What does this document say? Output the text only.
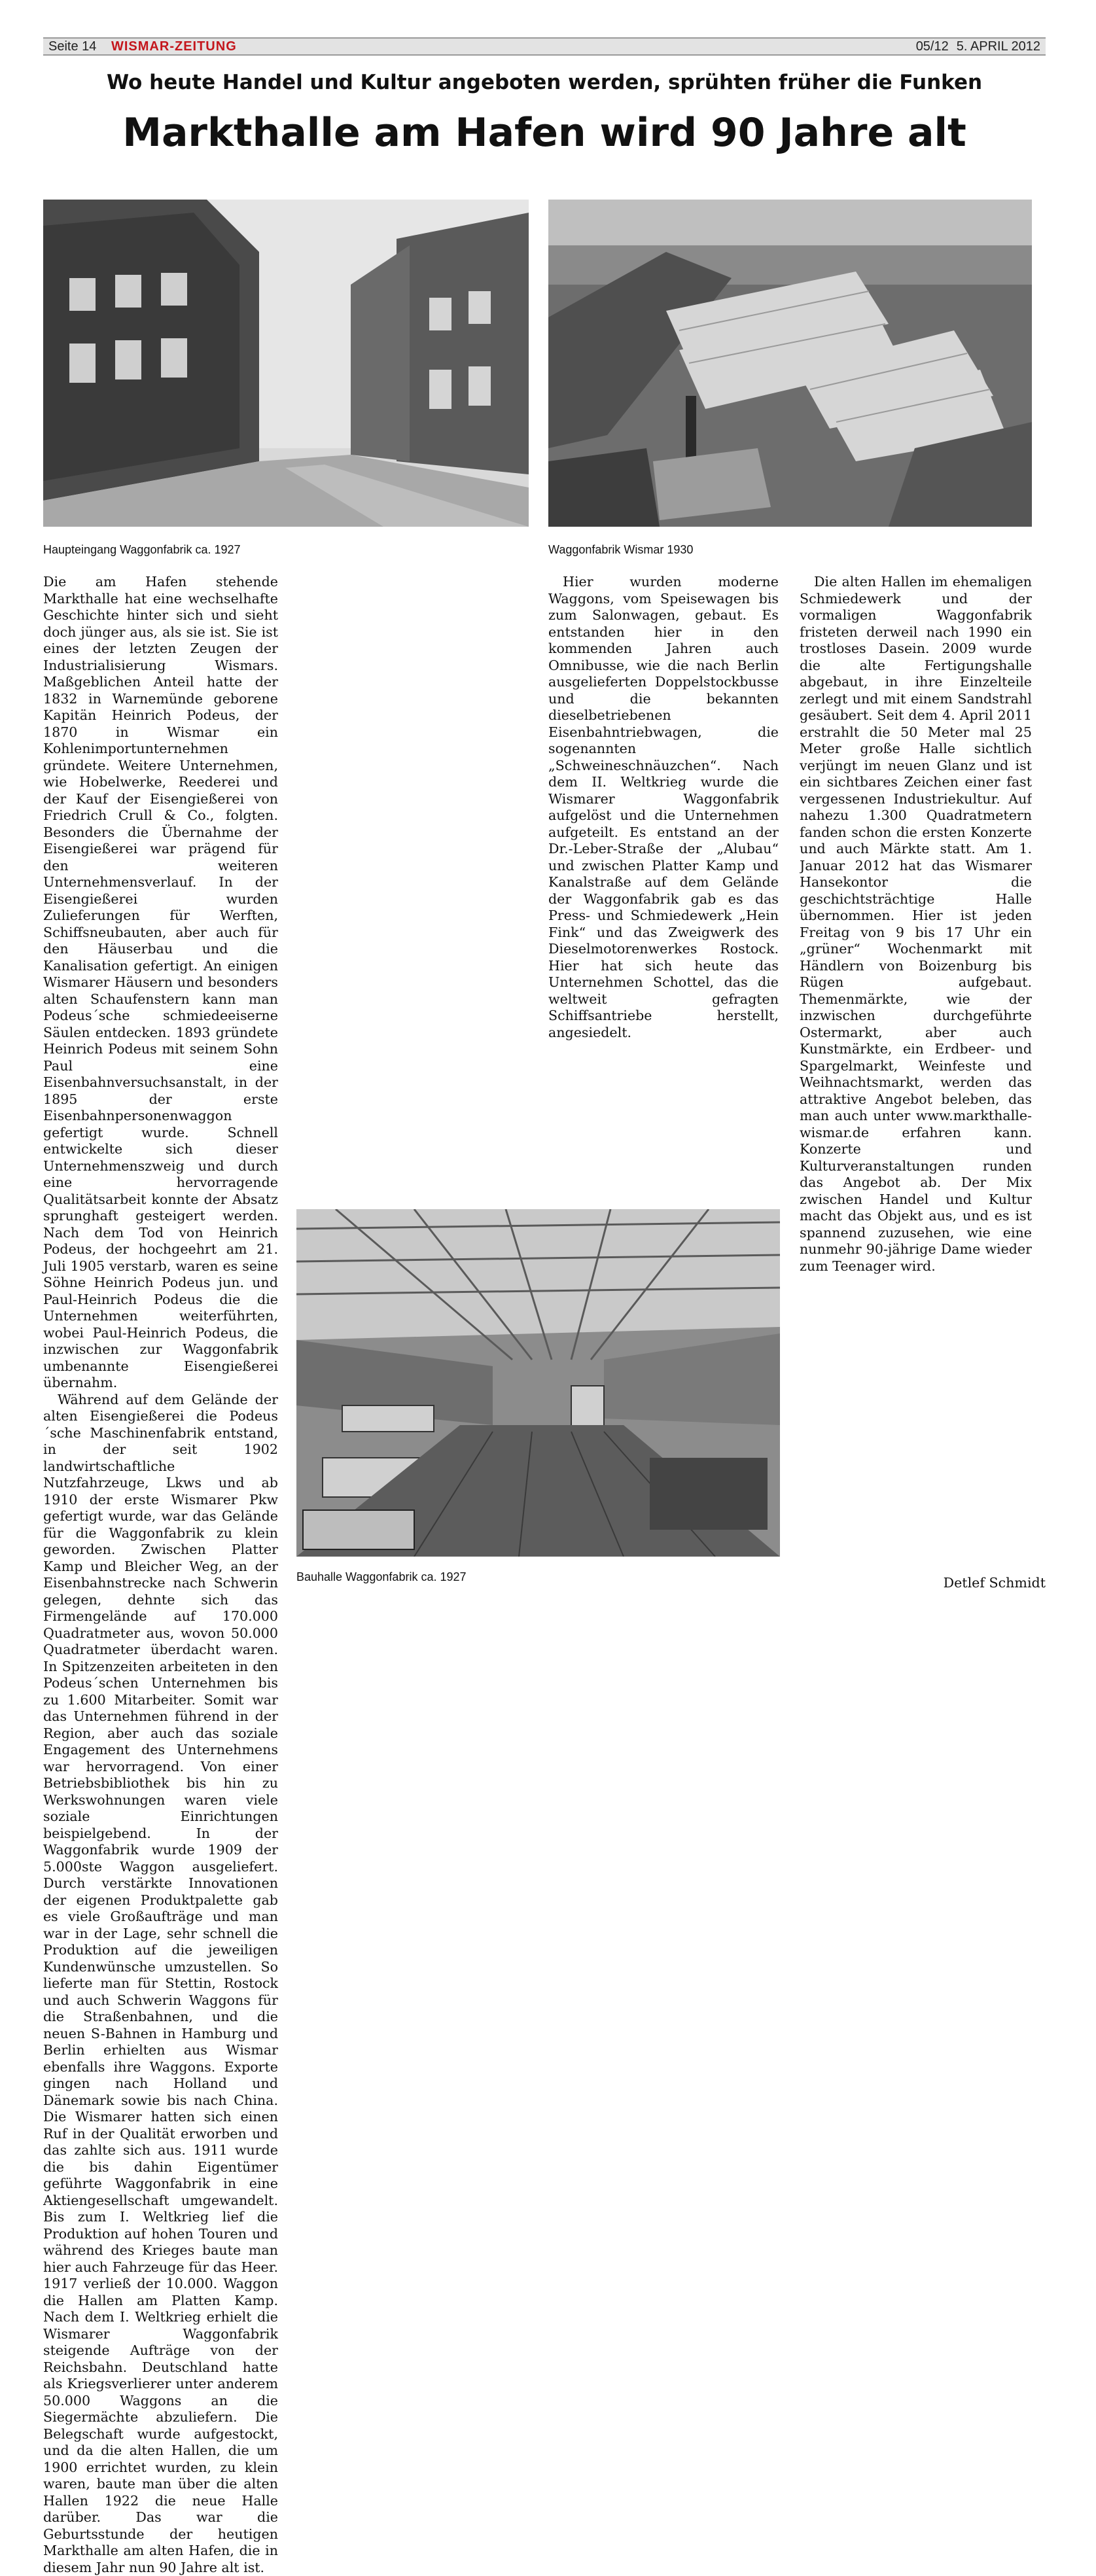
Seite 14 WISMAR-ZEITUNG	05/12 5. APRIL 2012
Wo heute Handel und Kultur angeboten werden, sprühten früher die Funken
Markthalle am Hafen wird 90 Jahre alt
Haupteingang Waggonfabrik ca. 1927	Waggonfabrik Wismar 1930
Bauhalle Waggonfabrik ca. 1927

Die am Hafen stehende Markthalle hat eine wechselhafte Geschichte hinter sich und sieht doch jünger aus, als sie ist. Sie ist eines der letzten Zeugen der Industrialisierung Wismars. Maßgeblichen Anteil hatte der 1832 in Warnemünde geborene Kapitän Heinrich Podeus, der 1870 in Wismar ein Kohlenimportunternehmen gründete. Weitere Unternehmen, wie Hobelwerke, Reederei und der Kauf der Eisengießerei von Friedrich Crull & Co., folgten. Besonders die Übernahme der Eisengießerei war prägend für den weiteren Unternehmensverlauf. In der Eisengießerei wurden Zulieferungen für Werften, Schiffsneubauten, aber auch für den Häuserbau und die Kanalisation gefertigt. An einigen Wismarer Häusern und besonders alten Schaufenstern kann man Podeus´sche schmiedeeiserne Säulen entdecken. 1893 gründete Heinrich Podeus mit seinem Sohn Paul eine Eisenbahnversuchsanstalt, in der 1895 der erste Eisenbahnpersonenwaggon gefertigt wurde. Schnell entwickelte sich dieser Unternehmenszweig und durch eine hervorragende Qualitätsarbeit konnte der Absatz sprunghaft gesteigert werden. Nach dem Tod von Heinrich Podeus, der hochgeehrt am 21. Juli 1905 verstarb, waren es seine Söhne Heinrich Podeus jun. und Paul-Heinrich Podeus die die Unternehmen weiterführten, wobei Paul-Heinrich Podeus, die inzwischen zur Waggonfabrik umbenannte Eisengießerei übernahm.

Während auf dem Gelände der alten Eisengießerei die Podeus´sche Maschinenfabrik entstand, in der seit 1902 landwirtschaftliche Nutzfahrzeuge, Lkws und ab 1910 der erste Wismarer Pkw gefertigt wurde, war das Gelände für die Waggonfabrik zu klein geworden. Zwischen Platter Kamp und Bleicher Weg, an der Eisenbahnstrecke nach Schwerin gelegen, dehnte sich das Firmengelände auf 170.000 Quadratmeter aus, wovon 50.000 Quadratmeter überdacht waren. In Spitzenzeiten arbeiteten in den Podeus´schen Unternehmen bis zu 1.600 Mitarbeiter. Somit war das Unternehmen führend in der Region, aber auch das soziale Engagement des Unternehmens war hervorragend. Von einer Betriebsbibliothek bis hin zu Werkswohnungen waren viele soziale Einrichtungen beispielgebend. In der Waggonfabrik wurde 1909 der 5.000ste Waggon ausgeliefert. Durch verstärkte Innovationen der eigenen Produktpalette gab es viele Großaufträge und man war in der Lage, sehr schnell die Produktion auf die jeweiligen Kundenwünsche umzustellen. So lieferte man für Stettin, Rostock und auch Schwerin Waggons für die Straßenbahnen, und die neuen S-Bahnen in Hamburg und Berlin erhielten aus Wismar ebenfalls ihre Waggons. Exporte gingen nach Holland und Dänemark sowie bis nach China. Die Wismarer hatten sich einen Ruf in der Qualität erworben und das zahlte sich aus. 1911 wurde die bis dahin Eigentümer geführte Waggonfabrik in eine Aktiengesellschaft umgewandelt. Bis zum I. Weltkrieg lief die Produktion auf hohen Touren und während des Krieges baute man hier auch Fahrzeuge für das Heer. 1917 verließ der 10.000. Waggon die Hallen am Platten Kamp. Nach dem I. Weltkrieg erhielt die Wismarer Waggonfabrik steigende Aufträge von der Reichsbahn. Deutschland hatte als Kriegsverlierer unter anderem 50.000 Waggons an die Siegermächte abzuliefern. Die Belegschaft wurde aufgestockt, und da die alten Hallen, die um 1900 errichtet wurden, zu klein waren, baute man über die alten Hallen 1922 die neue Halle darüber. Das war die Geburtsstunde der heutigen Markthalle am alten Hafen, die in diesem Jahr nun 90 Jahre alt ist.

Hier wurden moderne Waggons, vom Speisewagen bis zum Salonwagen, gebaut. Es entstanden hier in den kommenden Jahren auch Omnibusse, wie die nach Berlin ausgelieferten Doppelstockbusse und die bekannten dieselbetriebenen Eisenbahntriebwagen, die sogenannten „Schweineschnäuzchen“. Nach dem II. Weltkrieg wurde die Wismarer Waggonfabrik aufgelöst und die Unternehmen aufgeteilt. Es entstand an der Dr.-Leber-Straße der „Alubau“ und zwischen Platter Kamp und Kanalstraße auf dem Gelände der Waggonfabrik gab es das Press- und Schmiedewerk „Hein Fink“ und das Zweigwerk des Dieselmotorenwerkes Rostock. Hier hat sich heute das Unternehmen Schottel, das die weltweit gefragten Schiffsantriebe herstellt, angesiedelt.

Die alten Hallen im ehemaligen Schmiedewerk und der vormaligen Waggonfabrik fristeten derweil nach 1990 ein trostloses Dasein. 2009 wurde die alte Fertigungshalle abgebaut, in ihre Einzelteile zerlegt und mit einem Sandstrahl gesäubert. Seit dem 4. April 2011 erstrahlt die 50 Meter mal 25 Meter große Halle sichtlich verjüngt im neuen Glanz und ist ein sichtbares Zeichen einer fast vergessenen Industriekultur. Auf nahezu 1.300 Quadratmetern fanden schon die ersten Konzerte und auch Märkte statt. Am 1. Januar 2012 hat das Wismarer Hansekontor die geschichtsträchtige Halle übernommen. Hier ist jeden Freitag von 9 bis 17 Uhr ein „grüner“ Wochenmarkt mit Händlern von Boizenburg bis Rügen aufgebaut. Themenmärkte, wie der inzwischen durchgeführte Ostermarkt, aber auch Kunstmärkte, ein Erdbeer- und Spargelmarkt, Weinfeste und Weihnachtsmarkt, werden das attraktive Angebot beleben, das man auch unter www.markthalle-wismar.de erfahren kann. Konzerte und Kulturveranstaltungen runden das Angebot ab. Der Mix zwischen Handel und Kultur macht das Objekt aus, und es ist spannend zuzusehen, wie eine nunmehr 90-jährige Dame wieder zum Teenager wird.

Detlef Schmidt
